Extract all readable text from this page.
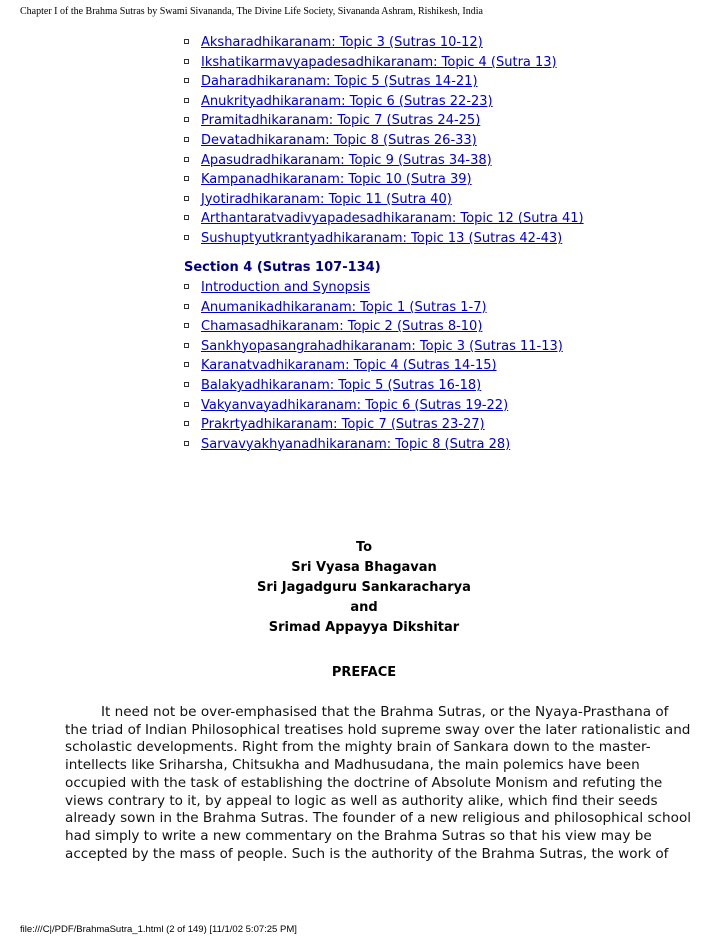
Chapter I of the Brahma Sutras by Swami Sivananda, The Divine Life Society, Sivananda Ashram, Rishikesh, India
Aksharadhikaranam: Topic 3 (Sutras 10-12)
Ikshatikarmavyapadesadhikaranam: Topic 4 (Sutra 13)
Daharadhikaranam: Topic 5 (Sutras 14-21)
Anukrityadhikaranam: Topic 6 (Sutras 22-23)
Pramitadhikaranam: Topic 7 (Sutras 24-25)
Devatadhikaranam: Topic 8 (Sutras 26-33)
Apasudradhikaranam: Topic 9 (Sutras 34-38)
Kampanadhikaranam: Topic 10 (Sutra 39)
Jyotiradhikaranam: Topic 11 (Sutra 40)
Arthantaratvadivyapadesadhikaranam: Topic 12 (Sutra 41)
Sushuptyutkrantyadhikaranam: Topic 13 (Sutras 42-43)
Section 4 (Sutras 107-134)
Introduction and Synopsis
Anumanikadhikaranam: Topic 1 (Sutras 1-7)
Chamasadhikaranam: Topic 2 (Sutras 8-10)
Sankhyopasangrahadhikaranam: Topic 3 (Sutras 11-13)
Karanatvadhikaranam: Topic 4 (Sutras 14-15)
Balakyadhikaranam: Topic 5 (Sutras 16-18)
Vakyanvayadhikaranam: Topic 6 (Sutras 19-22)
Prakrtyadhikaranam: Topic 7 (Sutras 23-27)
Sarvavyakhyanadhikaranam: Topic 8 (Sutra 28)
To
Sri Vyasa Bhagavan
Sri Jagadguru Sankaracharya
and
Srimad Appayya Dikshitar
PREFACE
It need not be over-emphasised that the Brahma Sutras, or the Nyaya-Prasthana of the triad of Indian Philosophical treatises hold supreme sway over the later rationalistic and scholastic developments. Right from the mighty brain of Sankara down to the master-intellects like Sriharsha, Chitsukha and Madhusudana, the main polemics have been occupied with the task of establishing the doctrine of Absolute Monism and refuting the views contrary to it, by appeal to logic as well as authority alike, which find their seeds already sown in the Brahma Sutras. The founder of a new religious and philosophical school had simply to write a new commentary on the Brahma Sutras so that his view may be accepted by the mass of people. Such is the authority of the Brahma Sutras, the work of
file:///C|/PDF/BrahmaSutra_1.html (2 of 149) [11/1/02 5:07:25 PM]
